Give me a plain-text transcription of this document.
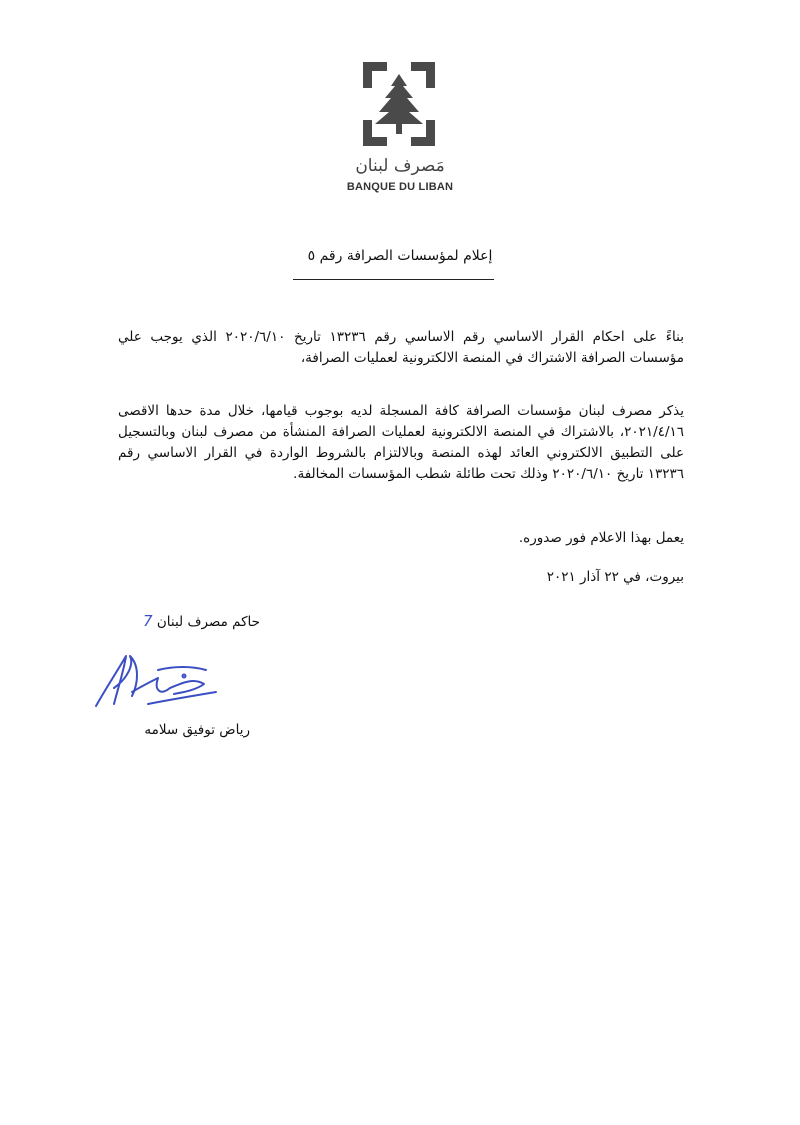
مَصرف لبنان
BANQUE DU LIBAN
إعلام لمؤسسات الصرافة رقم ٥
بناءً على احكام القرار الاساسي رقم الاساسي رقم ١٣٢٣٦ تاريخ ٢٠٢٠/٦/١٠ الذي يوجب علي مؤسسات الصرافة الاشتراك في المنصة الالكترونية لعمليات الصرافة،
يذكر مصرف لبنان مؤسسات الصرافة كافة المسجلة لديه بوجوب قيامها، خلال مدة حدها الاقصى ٢٠٢١/٤/١٦، بالاشتراك في المنصة الالكترونية لعمليات الصرافة المنشأة من مصرف لبنان وبالتسجيل على التطبيق الالكتروني العائد لهذه المنصة وبالالتزام بالشروط الواردة في القرار الاساسي رقم ١٣٢٣٦ تاريخ ٢٠٢٠/٦/١٠ وذلك تحت طائلة شطب المؤسسات المخالفة.
يعمل بهذا الاعلام فور صدوره.
بيروت، في ٢٢ آذار ٢٠٢١
حاكم مصرف لبنان 7
رياض توفيق سلامه
